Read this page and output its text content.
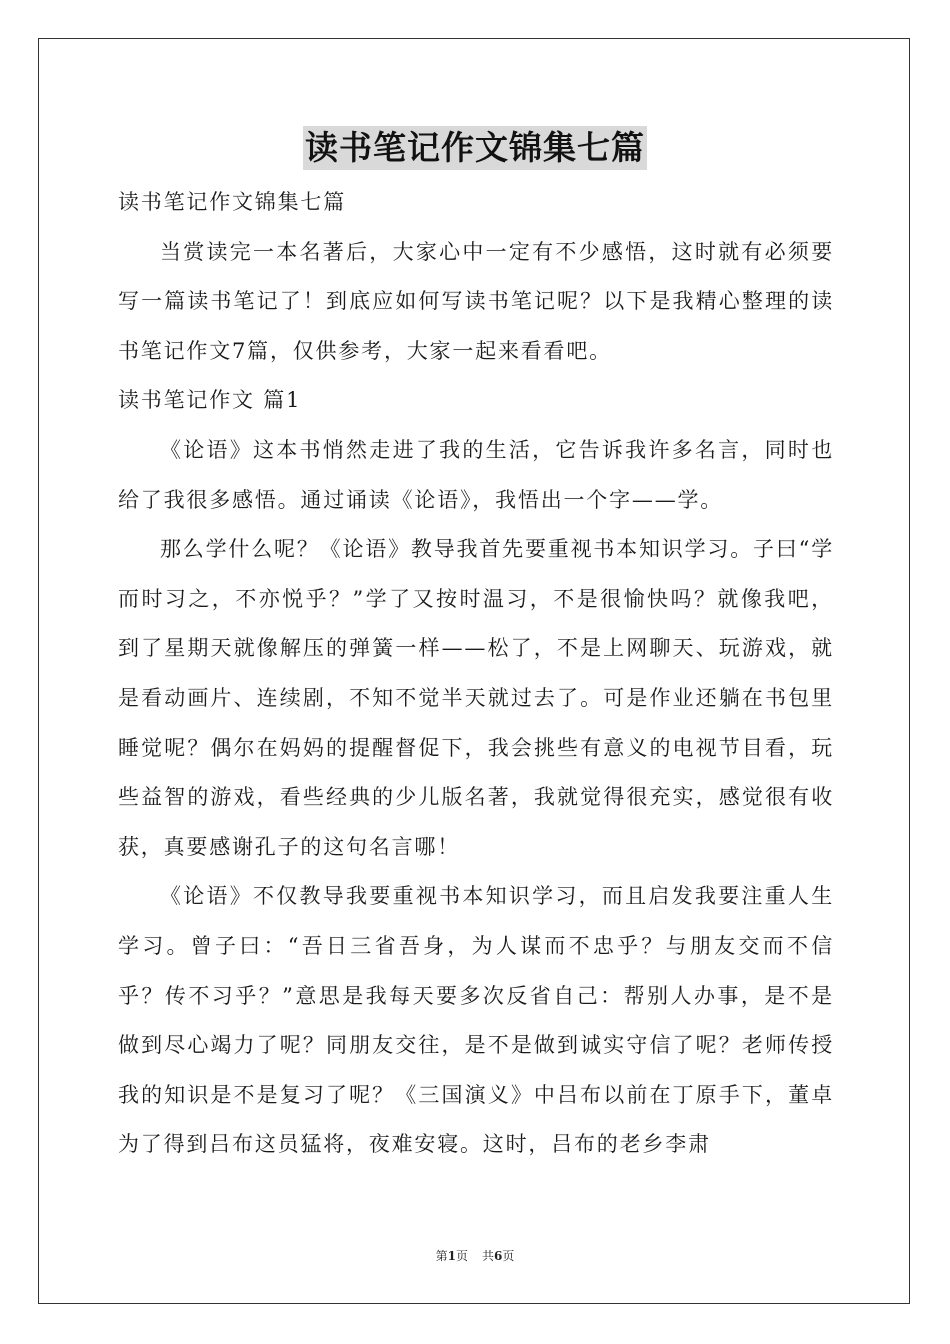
读书笔记作文锦集七篇

读书笔记作文锦集七篇

当赏读完一本名著后，大家心中一定有不少感悟，这时就有必须要写一篇读书笔记了！到底应如何写读书笔记呢？以下是我精心整理的读书笔记作文7篇，仅供参考，大家一起来看看吧。

读书笔记作文 篇1

《论语》这本书悄然走进了我的生活，它告诉我许多名言，同时也给了我很多感悟。通过诵读《论语》，我悟出一个字——学。

那么学什么呢？《论语》教导我首先要重视书本知识学习。子曰“学而时习之，不亦悦乎？”学了又按时温习，不是很愉快吗？就像我吧，到了星期天就像解压的弹簧一样——松了，不是上网聊天、玩游戏，就是看动画片、连续剧，不知不觉半天就过去了。可是作业还躺在书包里睡觉呢？偶尔在妈妈的提醒督促下，我会挑些有意义的电视节目看，玩些益智的游戏，看些经典的少儿版名著，我就觉得很充实，感觉很有收获，真要感谢孔子的这句名言哪！

《论语》不仅教导我要重视书本知识学习，而且启发我要注重人生学习。曾子曰：“吾日三省吾身，为人谋而不忠乎？与朋友交而不信乎？传不习乎？”意思是我每天要多次反省自己：帮别人办事，是不是做到尽心竭力了呢？同朋友交往，是不是做到诚实守信了呢？老师传授我的知识是不是复习了呢？《三国演义》中吕布以前在丁原手下，董卓为了得到吕布这员猛将，夜难安寝。这时，吕布的老乡李肃

第1页 共6页
